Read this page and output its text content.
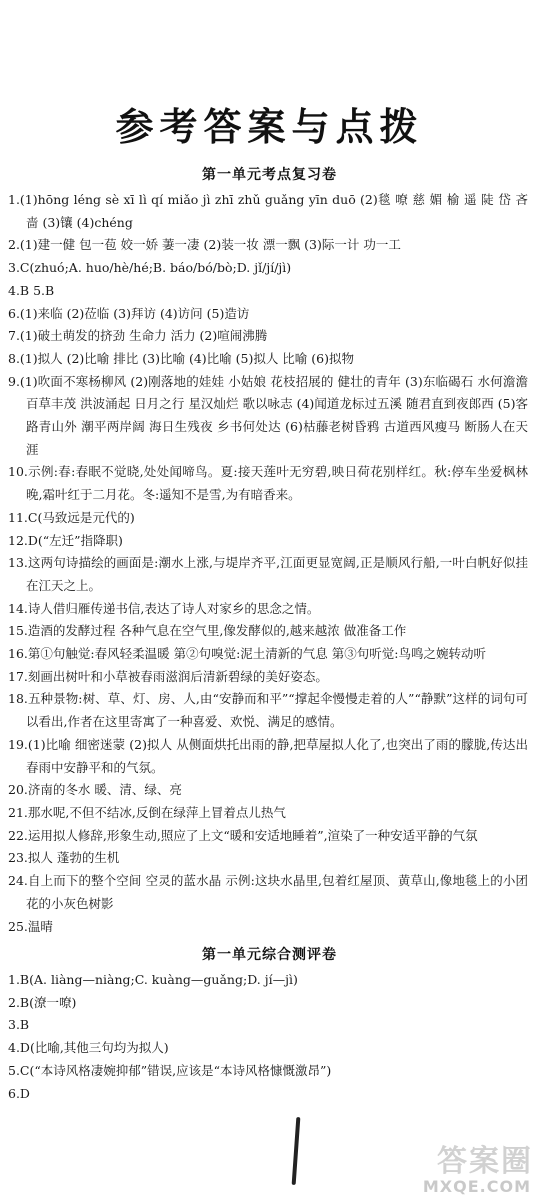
参考答案与点拨
第一单元考点复习卷
1.(1)hōng léng sè xī lì qí miǎo jì zhī zhǔ guǎng yīn duō (2)毯 嘹 慈 媚 榆 遥 陡 岱 吝 啬 (3)镶 (4)chéng
2.(1)建一健 包一苞 姣一娇 萋一凄 (2)装一妆 漂一飘 (3)际一计 功一工
3.C(zhuó;A. huo/hè/hé;B. báo/bó/bò;D. jǐ/jí/jì)
4.B 5.B
6.(1)来临 (2)莅临 (3)拜访 (4)访问 (5)造访
7.(1)破土萌发的挤劲 生命力 活力 (2)喧闹沸腾
8.(1)拟人 (2)比喻 排比 (3)比喻 (4)比喻 (5)拟人 比喻 (6)拟物
9.(1)吹面不寒杨柳风 (2)刚落地的娃娃 小姑娘 花枝招展的 健壮的青年 (3)东临碣石 水何澹澹 百草丰茂 洪波涌起 日月之行 星汉灿烂 歌以咏志 (4)闻道龙标过五溪 随君直到夜郎西 (5)客路青山外 潮平两岸阔 海日生残夜 乡书何处达 (6)枯藤老树昏鸦 古道西风瘦马 断肠人在天涯
10.示例:春:春眠不觉晓,处处闻啼鸟。夏:接天莲叶无穷碧,映日荷花别样红。秋:停车坐爱枫林晚,霜叶红于二月花。冬:遥知不是雪,为有暗香来。
11.C(马致远是元代的)
12.D(“左迁”指降职)
13.这两句诗描绘的画面是:潮水上涨,与堤岸齐平,江面更显宽阔,正是顺风行船,一叶白帆好似挂在江天之上。
14.诗人借归雁传递书信,表达了诗人对家乡的思念之情。
15.造酒的发酵过程 各种气息在空气里,像发酵似的,越来越浓 做准备工作
16.第①句触觉:春风轻柔温暖 第②句嗅觉:泥土清新的气息 第③句听觉:鸟鸣之婉转动听
17.刻画出树叶和小草被春雨滋润后清新碧绿的美好姿态。
18.五种景物:树、草、灯、房、人,由“安静而和平”“撑起伞慢慢走着的人”“静默”这样的词句可以看出,作者在这里寄寓了一种喜爱、欢悦、满足的感情。
19.(1)比喻 细密迷蒙 (2)拟人 从侧面烘托出雨的静,把草屋拟人化了,也突出了雨的朦胧,传达出春雨中安静平和的气氛。
20.济南的冬水 暖、清、绿、亮
21.那水呢,不但不结冰,反倒在绿萍上冒着点儿热气
22.运用拟人修辞,形象生动,照应了上文“暖和安适地睡着”,渲染了一种安适平静的气氛
23.拟人 蓬勃的生机
24.自上而下的整个空间 空灵的蓝水晶 示例:这块水晶里,包着红屋顶、黄草山,像地毯上的小团花的小灰色树影
25.温晴
第一单元综合测评卷
1.B(A. liàng—niàng;C. kuàng—guǎng;D. jí—jì)
2.B(潦一嘹)
3.B
4.D(比喻,其他三句均为拟人)
5.C(“本诗风格凄婉抑郁”错误,应该是“本诗风格慷慨激昂”)
6.D
答案圈
MXQE.COM
